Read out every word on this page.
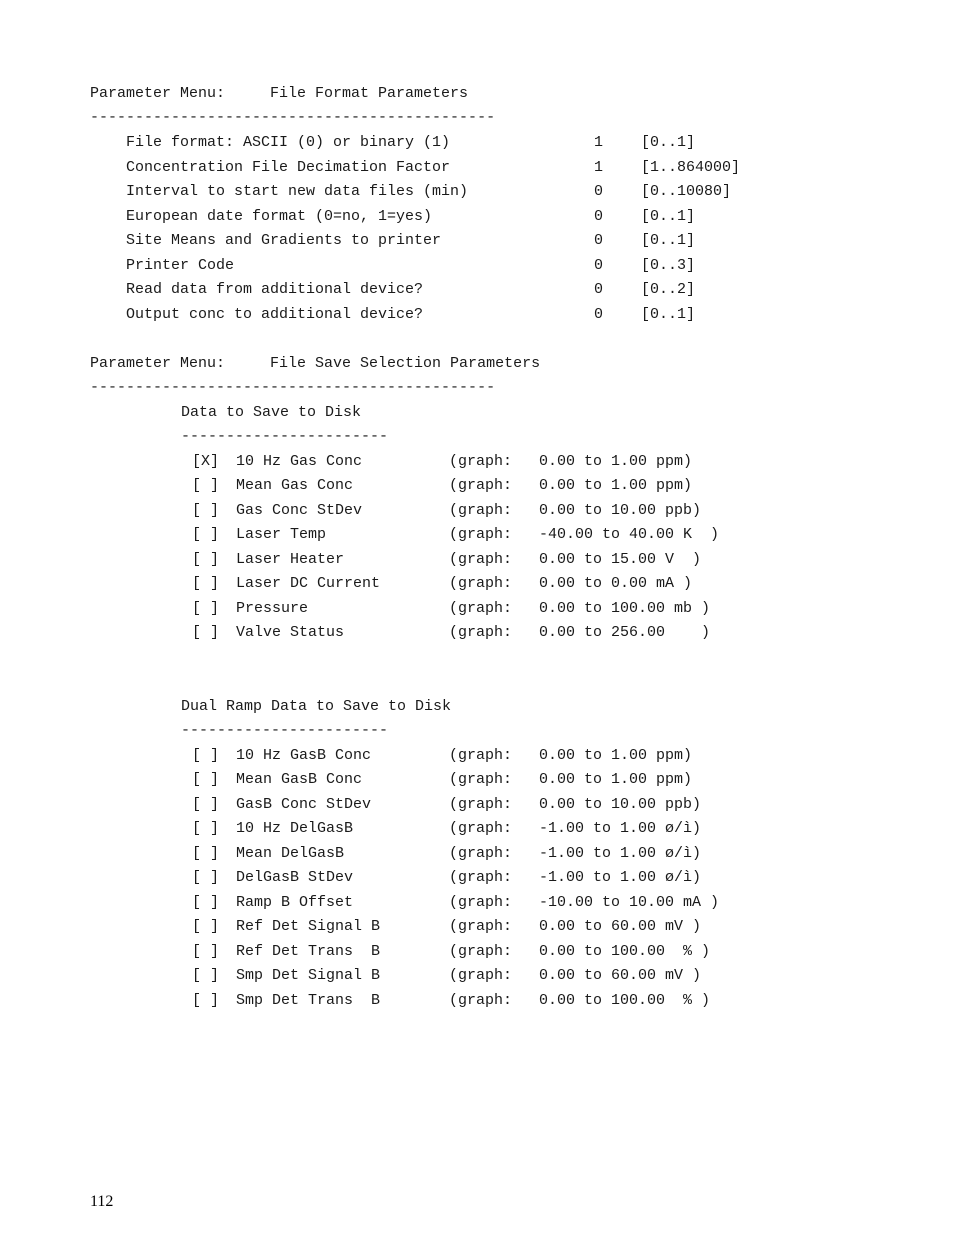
Parameter Menu:     File Format Parameters
---------------------------------------------
File format: ASCII (0) or binary (1)	1	[0..1]
Concentration File Decimation Factor	1	[1..864000]
Interval to start new data files (min)	0	[0..10080]
European date format (0=no, 1=yes)	0	[0..1]
Site Means and Gradients to printer	0	[0..1]
Printer Code	0	[0..3]
Read data from additional device?	0	[0..2]
Output conc to additional device?	0	[0..1]
Parameter Menu:     File Save Selection Parameters
---------------------------------------------
Data to Save to Disk
-----------------------
[X] 10 Hz Gas Conc	(graph: 0.00 to 1.00 ppm)
[ ] Mean Gas Conc	(graph: 0.00 to 1.00 ppm)
[ ] Gas Conc StDev	(graph: 0.00 to 10.00 ppb)
[ ] Laser Temp	(graph: -40.00 to 40.00 K  )
[ ] Laser Heater	(graph: 0.00 to 15.00 V  )
[ ] Laser DC Current	(graph: 0.00 to 0.00 mA )
[ ] Pressure	(graph: 0.00 to 100.00 mb )
[ ] Valve Status	(graph: 0.00 to 256.00    )
Dual Ramp Data to Save to Disk
-----------------------
[ ] 10 Hz GasB Conc	(graph: 0.00 to 1.00 ppm)
[ ] Mean GasB Conc	(graph: 0.00 to 1.00 ppm)
[ ] GasB Conc StDev	(graph: 0.00 to 10.00 ppb)
[ ] 10 Hz DelGasB	(graph: -1.00 to 1.00 ø/ì)
[ ] Mean DelGasB	(graph: -1.00 to 1.00 ø/ì)
[ ] DelGasB StDev	(graph: -1.00 to 1.00 ø/ì)
[ ] Ramp B Offset	(graph: -10.00 to 10.00 mA )
[ ] Ref Det Signal B	(graph: 0.00 to 60.00 mV )
[ ] Ref Det Trans  B	(graph: 0.00 to 100.00  % )
[ ] Smp Det Signal B	(graph: 0.00 to 60.00 mV )
[ ] Smp Det Trans  B	(graph: 0.00 to 100.00  % )
112
